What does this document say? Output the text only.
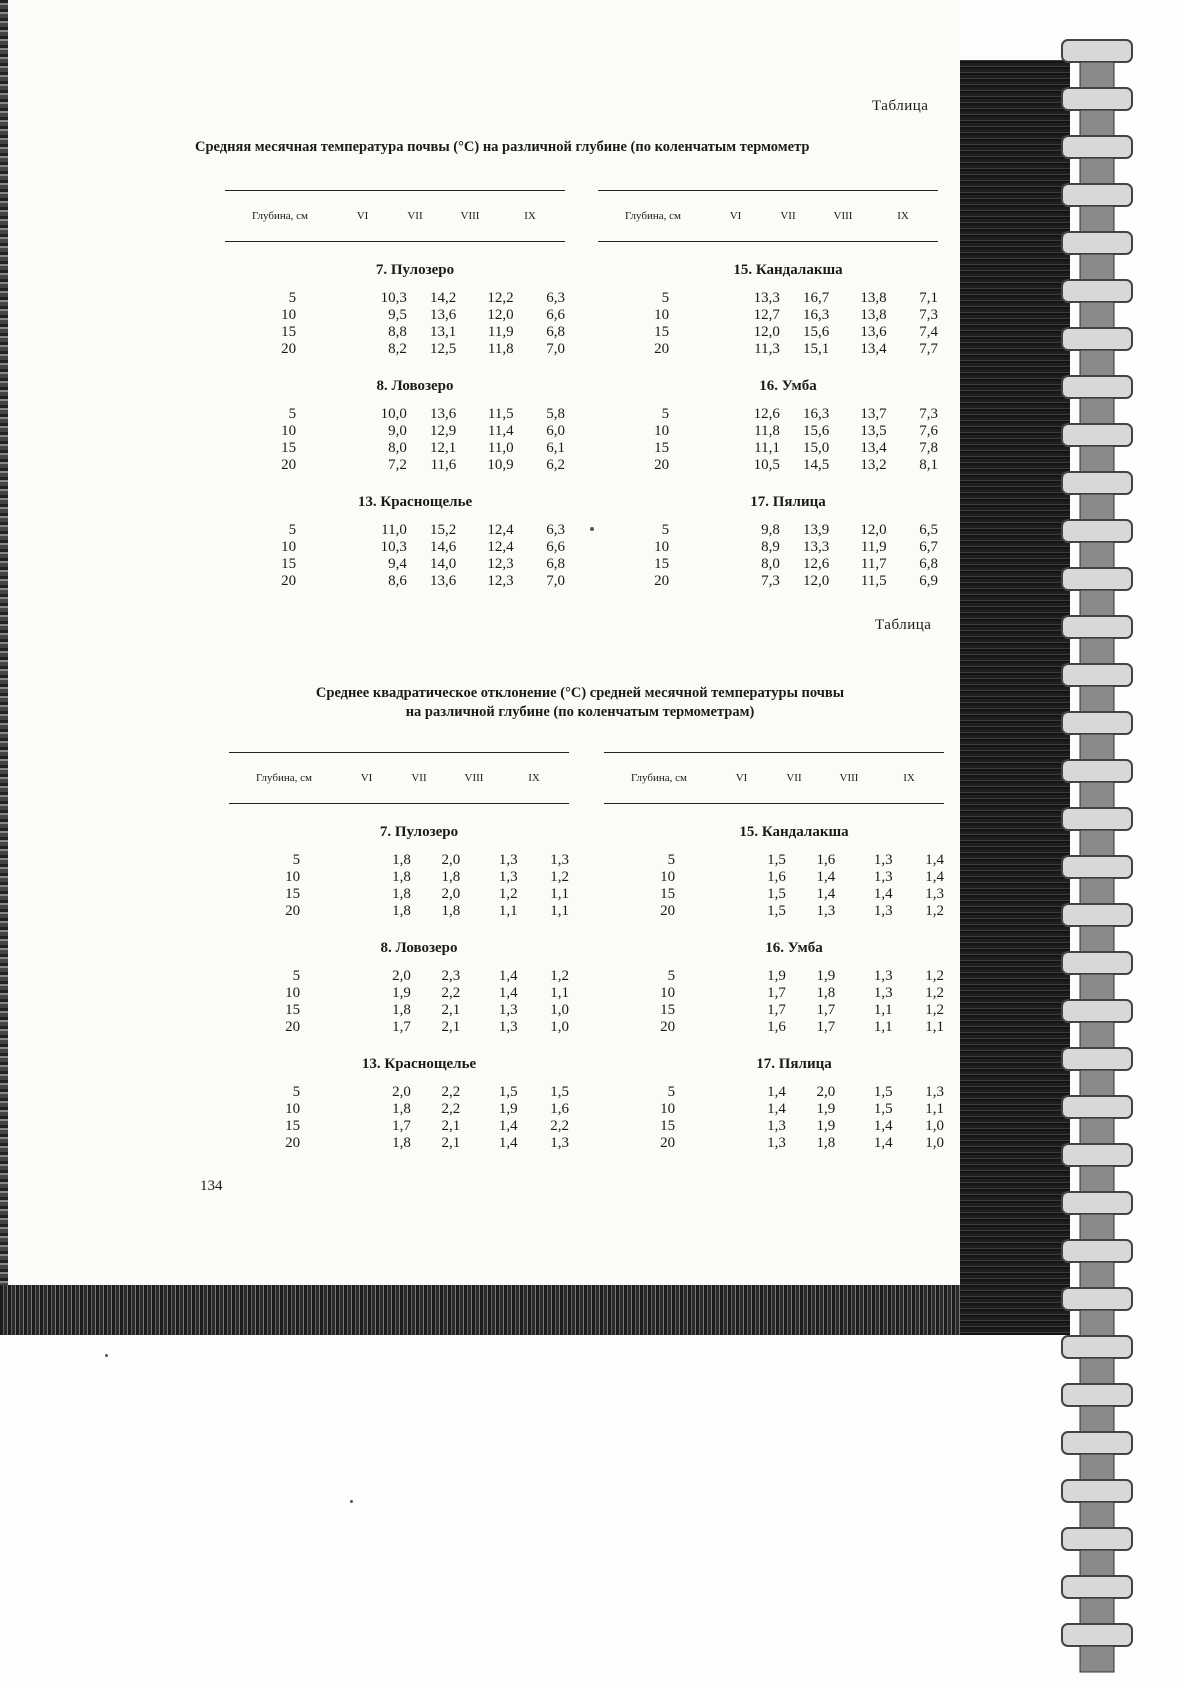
Таблица
Средняя месячная температура почвы (°C) на различной глубине (по коленчатым термометр
Глубина, см	VI	VII	VIII	IX
7. Пулозеро
5	10,3	14,2	12,2	6,3
10	9,5	13,6	12,0	6,6
15	8,8	13,1	11,9	6,8
20	8,2	12,5	11,8	7,0
8. Ловозеро
5	10,0	13,6	11,5	5,8
10	9,0	12,9	11,4	6,0
15	8,0	12,1	11,0	6,1
20	7,2	11,6	10,9	6,2
13. Краснощелье
5	11,0	15,2	12,4	6,3
10	10,3	14,6	12,4	6,6
15	9,4	14,0	12,3	6,8
20	8,6	13,6	12,3	7,0
Глубина, см	VI	VII	VIII	IX
15. Кандалакша
5	13,3	16,7	13,8	7,1
10	12,7	16,3	13,8	7,3
15	12,0	15,6	13,6	7,4
20	11,3	15,1	13,4	7,7
16. Умба
5	12,6	16,3	13,7	7,3
10	11,8	15,6	13,5	7,6
15	11,1	15,0	13,4	7,8
20	10,5	14,5	13,2	8,1
17. Пялица
5	9,8	13,9	12,0	6,5
10	8,9	13,3	11,9	6,7
15	8,0	12,6	11,7	6,8
20	7,3	12,0	11,5	6,9
Таблица
Среднее квадратическое отклонение (°C) средней месячной температуры почвы
на различной глубине (по коленчатым термометрам)
Глубина, см	VI	VII	VIII	IX
7. Пулозеро
5	1,8	2,0	1,3	1,3
10	1,8	1,8	1,3	1,2
15	1,8	2,0	1,2	1,1
20	1,8	1,8	1,1	1,1
8. Ловозеро
5	2,0	2,3	1,4	1,2
10	1,9	2,2	1,4	1,1
15	1,8	2,1	1,3	1,0
20	1,7	2,1	1,3	1,0
13. Краснощелье
5	2,0	2,2	1,5	1,5
10	1,8	2,2	1,9	1,6
15	1,7	2,1	1,4	2,2
20	1,8	2,1	1,4	1,3
Глубина, см	VI	VII	VIII	IX
15. Кандалакша
5	1,5	1,6	1,3	1,4
10	1,6	1,4	1,3	1,4
15	1,5	1,4	1,4	1,3
20	1,5	1,3	1,3	1,2
16. Умба
5	1,9	1,9	1,3	1,2
10	1,7	1,8	1,3	1,2
15	1,7	1,7	1,1	1,2
20	1,6	1,7	1,1	1,1
17. Пялица
5	1,4	2,0	1,5	1,3
10	1,4	1,9	1,5	1,1
15	1,3	1,9	1,4	1,0
20	1,3	1,8	1,4	1,0
134
